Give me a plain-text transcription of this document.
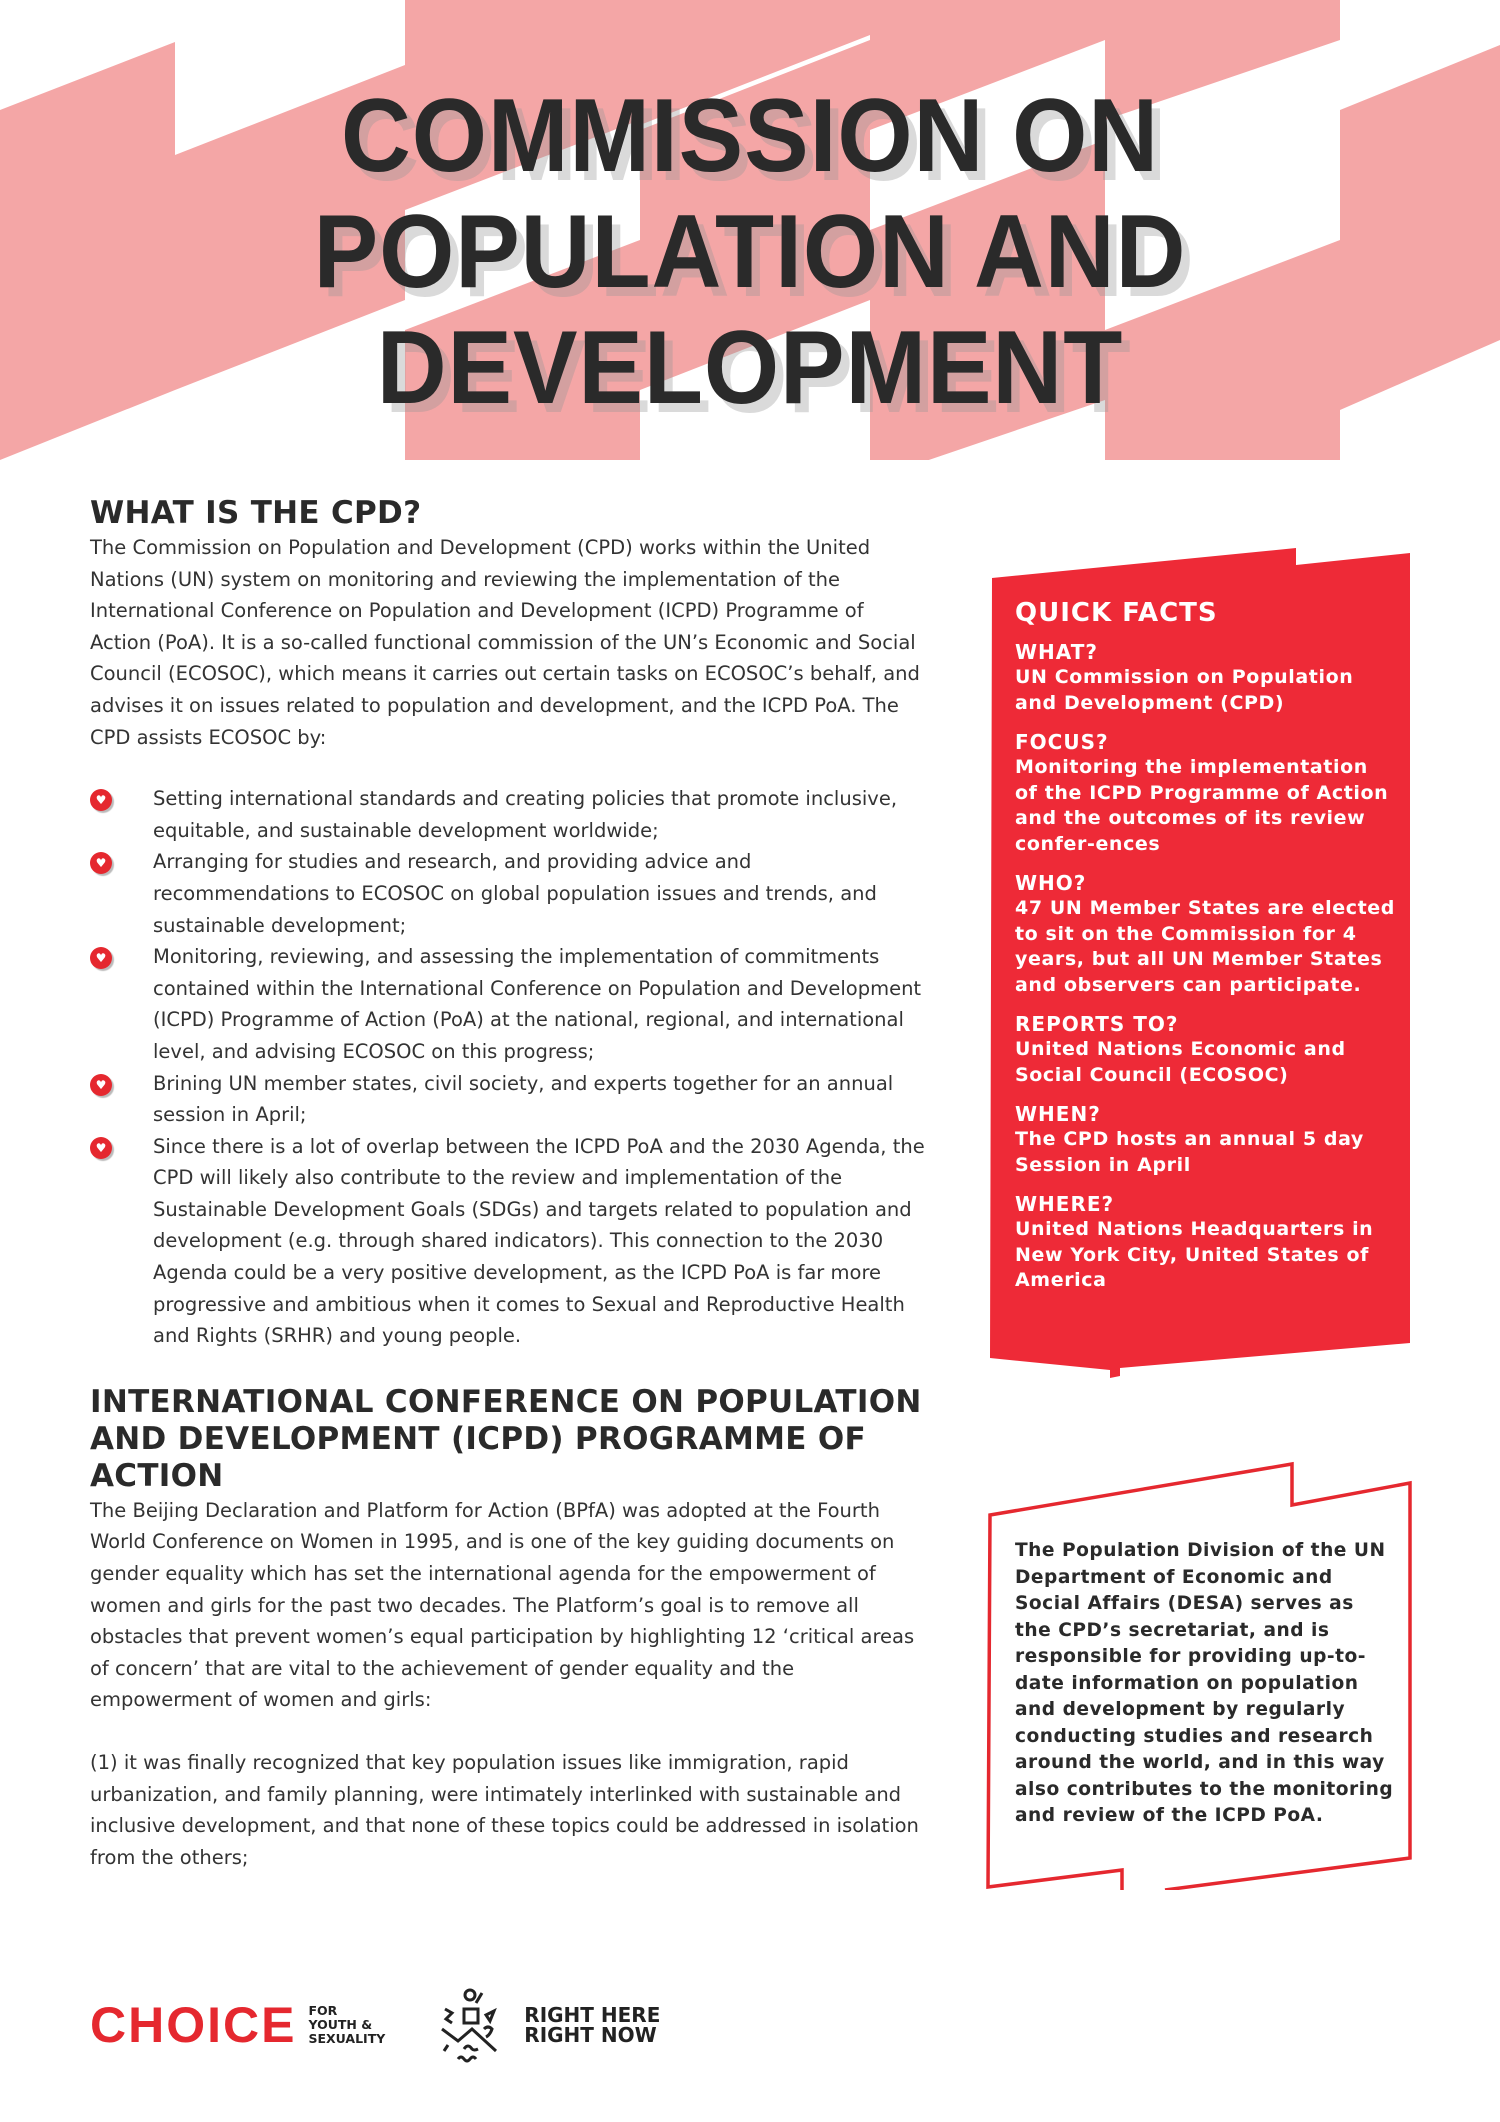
COMMISSION ON
POPULATION AND
DEVELOPMENT
WHAT IS THE CPD?

The Commission on Population and Development (CPD) works within the United Nations (UN) system on monitoring and reviewing the implementation of the International Conference on Population and Development (ICPD) Programme of Action (PoA). It is a so-called functional commission of the UN’s Economic and Social Council (ECOSOC), which means it carries out certain tasks on ECOSOC’s behalf, and advises it on issues related to population and development, and the ICPD PoA. The CPD assists ECOSOC by:

♥ Setting international standards and creating policies that promote inclusive, equitable, and sustainable development worldwide;
♥ Arranging for studies and research, and providing advice and recommendations to ECOSOC on global population issues and trends, and sustainable development;
♥ Monitoring, reviewing, and assessing the implementation of commitments contained within the International Conference on Population and Development (ICPD) Programme of Action (PoA) at the national, regional, and international level, and advising ECOSOC on this progress;
♥ Brining UN member states, civil society, and experts together for an annual session in April;
♥ Since there is a lot of overlap between the ICPD PoA and the 2030 Agenda, the CPD will likely also contribute to the review and implementation of the Sustainable Development Goals (SDGs) and targets related to population and development (e.g. through shared indicators). This connection to the 2030 Agenda could be a very positive development, as the ICPD PoA is far more progressive and ambitious when it comes to Sexual and Reproductive Health and Rights (SRHR) and young people.
INTERNATIONAL CONFERENCE ON POPULATION AND DEVELOPMENT (ICPD) PROGRAMME OF ACTION

The Beijing Declaration and Platform for Action (BPfA) was adopted at the Fourth World Conference on Women in 1995, and is one of the key guiding documents on gender equality which has set the international agenda for the empowerment of women and girls for the past two decades. The Platform’s goal is to remove all obstacles that prevent women’s equal participation by highlighting 12 ‘critical areas of concern’ that are vital to the achievement of gender equality and the empowerment of women and girls:

(1) it was finally recognized that key population issues like immigration, rapid urbanization, and family planning, were intimately interlinked with sustainable and inclusive development, and that none of these topics could be addressed in isolation from the others;

QUICK FACTS
WHAT?
UN Commission on Population and Development (CPD)
FOCUS?
Monitoring the implementation of the ICPD Programme of Action and the outcomes of its review confer-ences
WHO?
47 UN Member States are elected to sit on the Commission for 4 years, but all UN Member States and observers can participate.
REPORTS TO?
United Nations Economic and Social Council (ECOSOC)
WHEN?
The CPD hosts an annual 5 day Session in April
WHERE?
United Nations Headquarters in New York City, United States of America
The Population Division of the UN Department of Economic and Social Affairs (DESA) serves as the CPD’s secretariat, and is responsible for providing up-to-date information on population and development by regularly conducting studies and research around the world, and in this way also contributes to the monitoring and review of the ICPD PoA.
CHOICE FOR
YOUTH &
SEXUALITY
RIGHT HERE
RIGHT NOW
